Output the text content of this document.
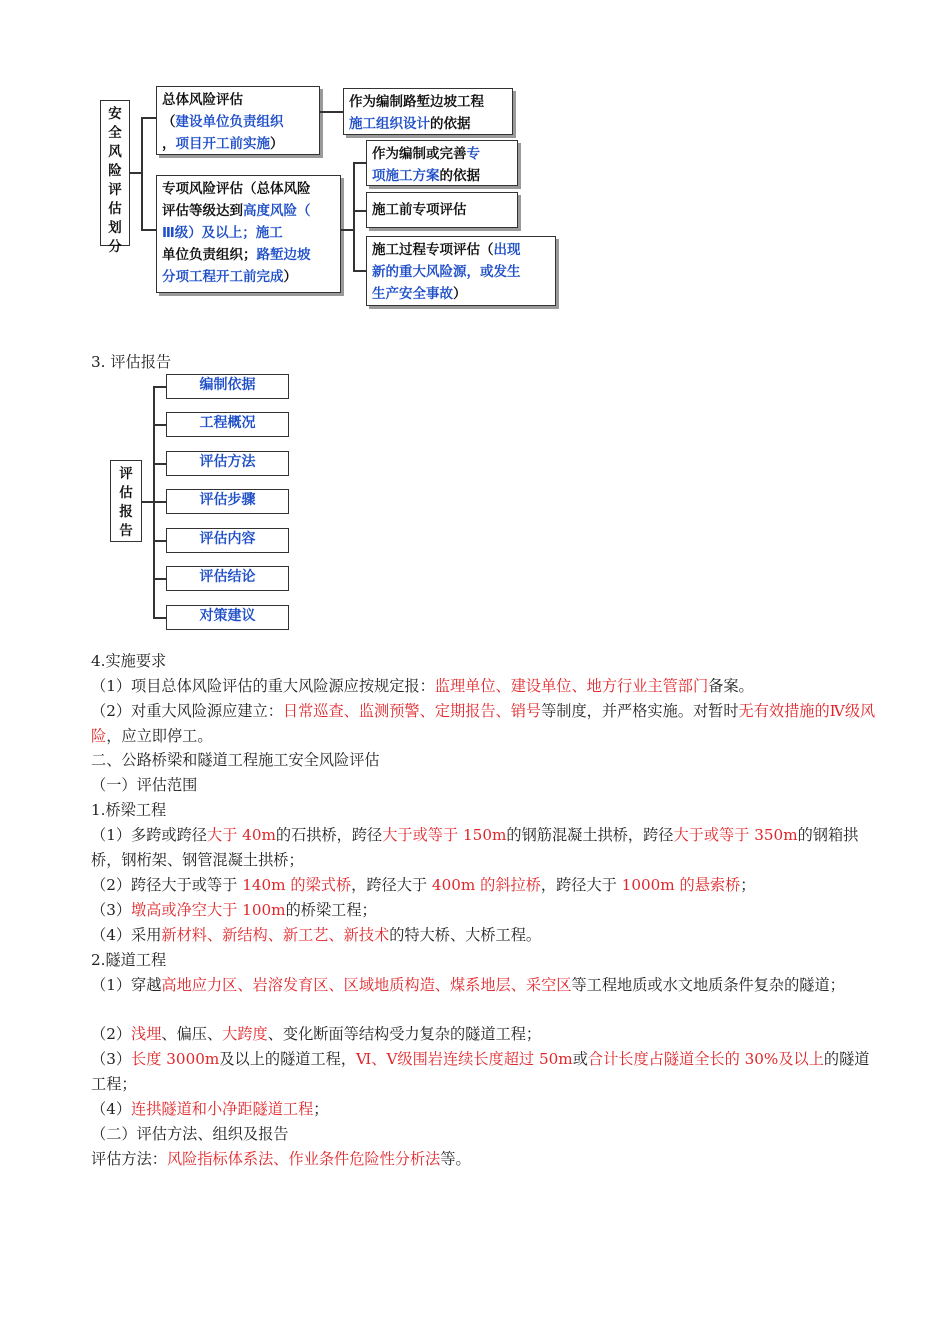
安
全
风
险
评
估
划
分
总体风险评估
（建设单位负责组织
，项目开工前实施）
作为编制路堑边坡工程
施工组织设计的依据
专项风险评估（总体风险
评估等级达到高度风险（
Ⅲ级）及以上；施工
单位负责组织；路堑边坡
分项工程开工前完成）
作为编制或完善专
项施工方案的依据
施工前专项评估
施工过程专项评估（出现
新的重大风险源，或发生
生产安全事故）
3. 评估报告
评
估
报
告
编制依据
工程概况
评估方法
评估步骤
评估内容
评估结论
对策建议
4.实施要求
（1）项目总体风险评估的重大风险源应按规定报：监理单位、建设单位、地方行业主管部门备案。
（2）对重大风险源应建立：日常巡查、监测预警、定期报告、销号等制度，并严格实施。对暂时无有效措施的Ⅳ级风险，应立即停工。
二、公路桥梁和隧道工程施工安全风险评估
（一）评估范围
1.桥梁工程
（1）多跨或跨径大于 40m的石拱桥，跨径大于或等于 150m的钢筋混凝土拱桥，跨径大于或等于 350m的钢箱拱桥，钢桁架、钢管混凝土拱桥；
（2）跨径大于或等于 140m 的梁式桥，跨径大于 400m 的斜拉桥，跨径大于 1000m 的悬索桥；
（3）墩高或净空大于 100m的桥梁工程；
（4）采用新材料、新结构、新工艺、新技术的特大桥、大桥工程。
2.隧道工程
（1）穿越高地应力区、岩溶发育区、区域地质构造、煤系地层、采空区等工程地质或水文地质条件复杂的隧道；
（2）浅埋、偏压、大跨度、变化断面等结构受力复杂的隧道工程；
（3）长度 3000m及以上的隧道工程，Ⅵ、Ⅴ级围岩连续长度超过 50m或合计长度占隧道全长的 30%及以上的隧道工程；
（4）连拱隧道和小净距隧道工程；
（二）评估方法、组织及报告
评估方法：风险指标体系法、作业条件危险性分析法等。
